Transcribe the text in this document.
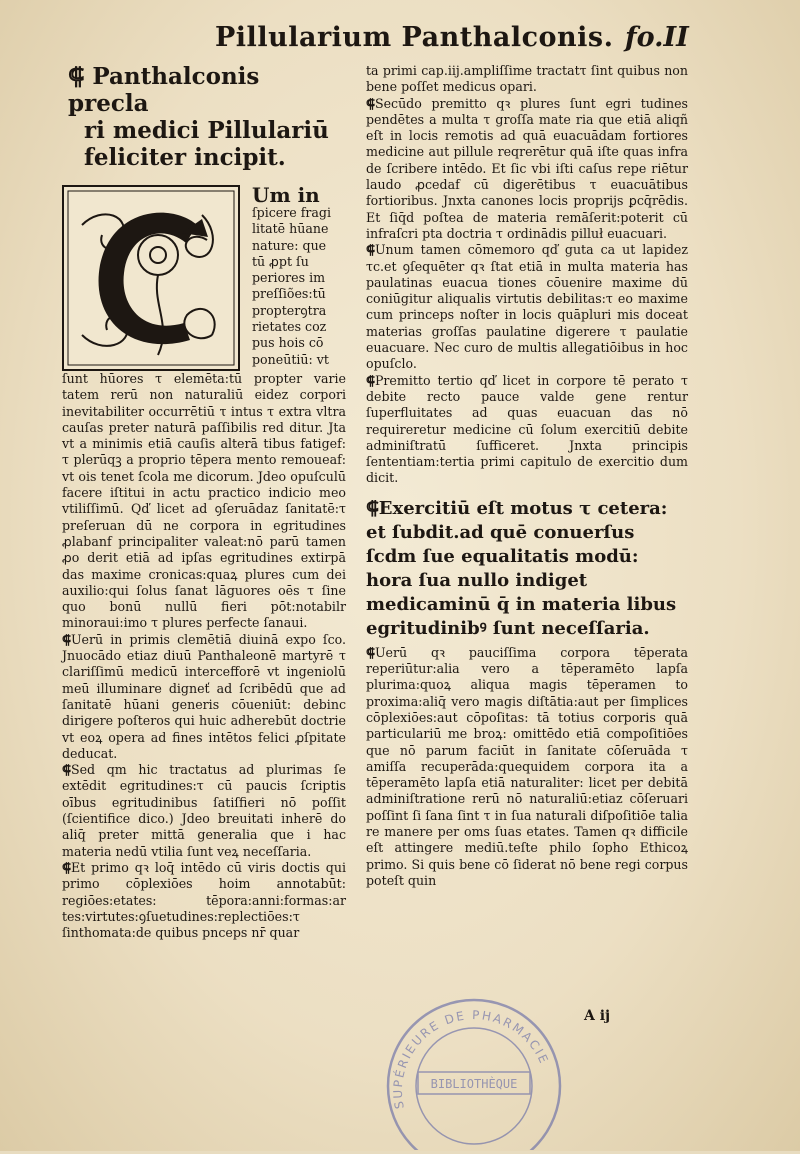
Pillularium Panthalconis. fo.II
⸿ Panthalconis precla
ri medici Pillulariū
feliciter incipit.
Um in
ſpicere fragi
litatē hūane
nature: que
tū ꝓpt ſu
periores im
preſſiões:tū
propterꝯtra
rietates coz
pus hois cō
poneūtiū: vt

ſunt hūores τ elemēta:tū propter varie tatem rerū non naturaliū eidez corpori inevitabiliter occurrētiū τ intus τ extra vltra cauſas preter naturā paſſibilis red ditur. Jta vt a minimis etiā cauſis alterā tibus fatigef: τ plerūqꝫ a proprio tēpera mento remoueaf: vt ois tenet ſcola me dicorum. Jdeo opuſculū facere iſtitui in actu practico indicio meo vtiliſſimū. Qď licet ad ꝯſeruādaz ſanitatē:τ preſeruan dū ne corpora in egritudines ꝓlabanf principaliter valeat:nō parū tamen ꝓo derit etiā ad ipſas egritudines extirpā das maxime cronicas:quaꝝ plures cum dei auxilio:qui ſolus ſanat lāguores oēs τ ſine quo bonū nullū fieri pōt:notabilr minoraui:imo τ plures perfecte ſanaui.

⸿Uerū in primis clemētiā diuinā expo ſco. Jnuocādo etiaz diuū Panthaleonē martyrē τ clariſſimū medicū intercefforē vt ingeniolū meū illuminare digneť ad ſcribēdū que ad ſanitatē hūani generis cōueniūt: debinc dirigere poſteros qui huic adherebūt doctrie vt eoꝝ opera ad fines intētos felici ꝓſpitate deducat.

⸿Sed qm hic tractatus ad plurimas ſe extēdit egritudines:τ cū paucis ſcriptis oībus egritudinibus ſatiſfieri nō poſſit (ſcientifice dico.) Jdeo breuitati inherē do aliq̄ preter mittā generalia que i hac materia nedū vtilia ſunt veꝝ neceſſaria.

⸿Et primo qꝛ loq̄ intēdo cū viris doctis qui primo cōplexiōes hoim annotabūt: regiōes:etates: tēpora:anni:formas:ar tes:virtutes:ꝯſuetudines:replectiōes:τ ſinthomata:de quibus pnceps nr̄ quar

ta primi cap.iij.ampliſſime tractatτ ſint quibus non bene poſſet medicus opari.

⸿Secūdo premitto qꝛ plures ſunt egri tudines pendētes a multa τ groſſa mate ria que etiā aliqñ eſt in locis remotis ad quā euacuādam fortiores medicine aut pillule reqrerētur quā iſte quas infra de ſcribere intēdo. Et ſic vbi iſti caſus repe riētur laudo ꝓcedaf cū digerētibus τ euacuātibus fortioribus. Jnxta canones locis proprijs ꝑcq̄rēdis. Et ſiq̄d poſtea de materia remāſerit:poterit cū infraſcri pta doctria τ ordinādis pilluł euacuari.

⸿Unum tamen cōmemoro qď guta ca ut lapidez τc.et ꝯſequēter qꝛ ſtat etiā in multa materia has paulatinas euacua tiones cōuenire maxime dū coniūgitur aliqualis virtutis debilitas:τ eo maxime cum princeps noſter in locis quāpluri mis doceat materias groſſas paulatine digerere τ paulatie euacuare. Nec curo de multis allegatiōibus in hoc opuſclo.

⸿Premitto tertio qď licet in corpore tē perato τ debite recto pauce valde gene rentur ſuperfluitates ad quas euacuan das nō requireretur medicine cū ſolum exercitiū debite adminiſtratū ſufficeret. Jnxta principis ſententiam:tertia primi capitulo de exercitio dum dicit.

⸿Exercitiū eſt motus τ cetera: et ſubdit.ad quē conuerſus ſcdm ſue equalitatis modū: hora ſua nullo indiget medicaminū q̄ in materia libus egritudinibꝰ ſunt neceſſaria.

⸿Uerū qꝛ pauciſſima corpora tēperata reperiūtur:alia vero a tēperamēto lapſa plurima:quoꝝ aliqua magis tēperamen to proxima:aliq̄ vero magis diſtātia:aut per ſimplices cōplexiōes:aut cōpoſitas: tā totius corporis quā particulariū me broꝝ: omittēdo etiā compoſitiōes que nō parum faciūt in ſanitate cōſeruāda τ amiſſa recuperāda:quequidem corpora ita a tēperamēto lapſa etiā naturaliter: licet per debitā adminiſtratione rerū nō naturaliū:etiaz cōſeruari poſſint ſi ſana ſint τ in ſua naturali diſpoſitiōe talia re manere per oms ſuas etates. Tamen qꝛ difficile eſt attingere mediū.teſte philo ſopho Ethicoꝝ primo. Si quis bene cō ſiderat nō bene regi corpus poteſt quin

A ij
SUPÉRIEURE DE PHARMACIE
BIBLIOTHÈQUE
